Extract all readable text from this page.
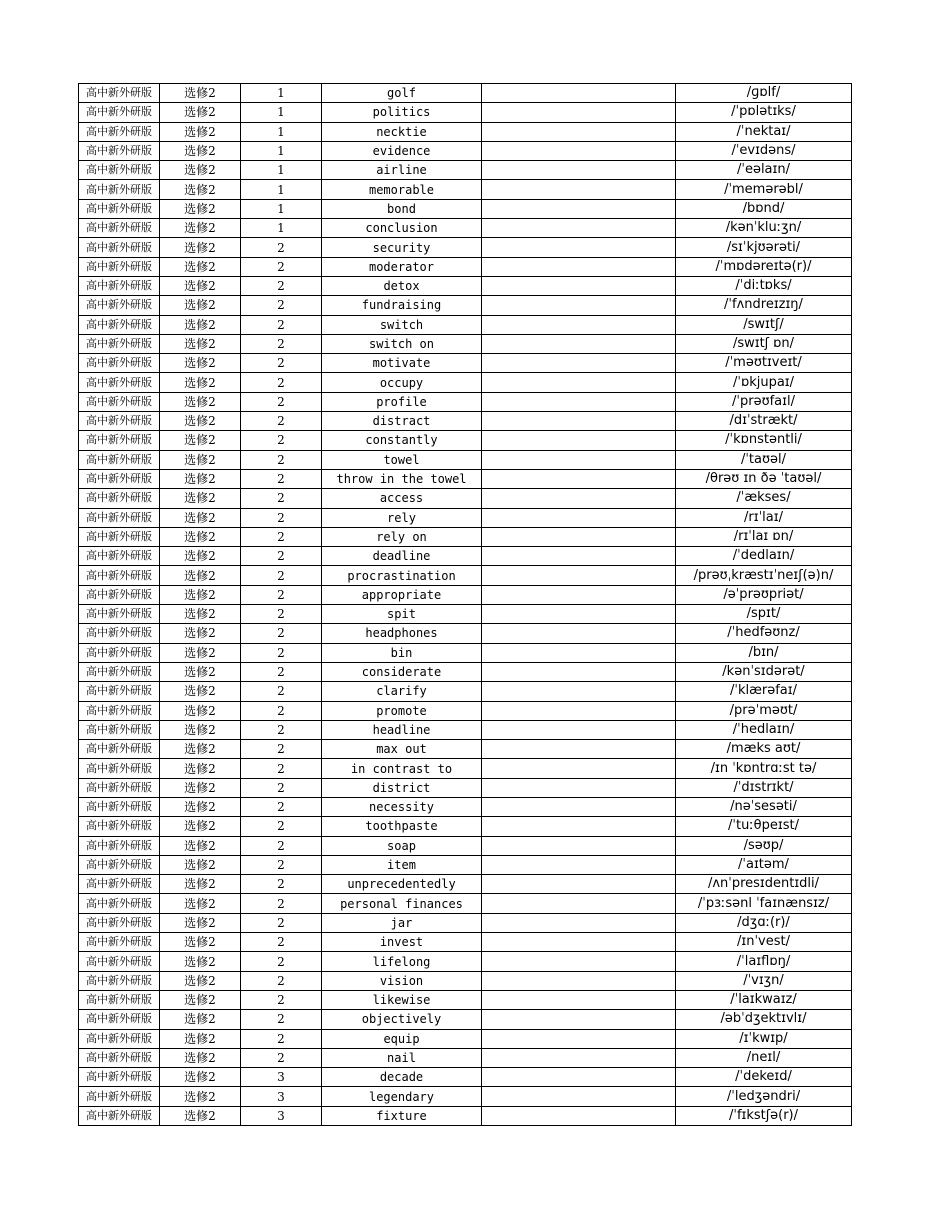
高中新外研版	选修2	1	golf		/ɡɒlf/
高中新外研版	选修2	1	politics		/ˈpɒlətɪks/
高中新外研版	选修2	1	necktie		/ˈnektaɪ/
高中新外研版	选修2	1	evidence		/ˈevɪdəns/
高中新外研版	选修2	1	airline		/ˈeəlaɪn/
高中新外研版	选修2	1	memorable		/ˈmemərəbl/
高中新外研版	选修2	1	bond		/bɒnd/
高中新外研版	选修2	1	conclusion		/kənˈkluːʒn/
高中新外研版	选修2	2	security		/sɪˈkjʊərəti/
高中新外研版	选修2	2	moderator		/ˈmɒdəreɪtə(r)/
高中新外研版	选修2	2	detox		/ˈdiːtɒks/
高中新外研版	选修2	2	fundraising		/ˈfʌndreɪzɪŋ/
高中新外研版	选修2	2	switch		/swɪtʃ/
高中新外研版	选修2	2	switch on		/swɪtʃ ɒn/
高中新外研版	选修2	2	motivate		/ˈməʊtɪveɪt/
高中新外研版	选修2	2	occupy		/ˈɒkjupaɪ/
高中新外研版	选修2	2	profile		/ˈprəʊfaɪl/
高中新外研版	选修2	2	distract		/dɪˈstrækt/
高中新外研版	选修2	2	constantly		/ˈkɒnstəntli/
高中新外研版	选修2	2	towel		/ˈtaʊəl/
高中新外研版	选修2	2	throw in the towel		/θrəʊ ɪn ðə ˈtaʊəl/
高中新外研版	选修2	2	access		/ˈækses/
高中新外研版	选修2	2	rely		/rɪˈlaɪ/
高中新外研版	选修2	2	rely on		/rɪˈlaɪ ɒn/
高中新外研版	选修2	2	deadline		/ˈdedlaɪn/
高中新外研版	选修2	2	procrastination		/prəʊˌkræstɪˈneɪʃ(ə)n/
高中新外研版	选修2	2	appropriate		/əˈprəʊpriət/
高中新外研版	选修2	2	spit		/spɪt/
高中新外研版	选修2	2	headphones		/ˈhedfəʊnz/
高中新外研版	选修2	2	bin		/bɪn/
高中新外研版	选修2	2	considerate		/kənˈsɪdərət/
高中新外研版	选修2	2	clarify		/ˈklærəfaɪ/
高中新外研版	选修2	2	promote		/prəˈməʊt/
高中新外研版	选修2	2	headline		/ˈhedlaɪn/
高中新外研版	选修2	2	max out		/mæks aʊt/
高中新外研版	选修2	2	in contrast to		/ɪn ˈkɒntrɑːst tə/
高中新外研版	选修2	2	district		/ˈdɪstrɪkt/
高中新外研版	选修2	2	necessity		/nəˈsesəti/
高中新外研版	选修2	2	toothpaste		/ˈtuːθpeɪst/
高中新外研版	选修2	2	soap		/səʊp/
高中新外研版	选修2	2	item		/ˈaɪtəm/
高中新外研版	选修2	2	unprecedentedly		/ʌnˈpresɪdentɪdli/
高中新外研版	选修2	2	personal finances		/ˈpɜːsənl ˈfaɪnænsɪz/
高中新外研版	选修2	2	jar		/dʒɑː(r)/
高中新外研版	选修2	2	invest		/ɪnˈvest/
高中新外研版	选修2	2	lifelong		/ˈlaɪflɒŋ/
高中新外研版	选修2	2	vision		/ˈvɪʒn/
高中新外研版	选修2	2	likewise		/ˈlaɪkwaɪz/
高中新外研版	选修2	2	objectively		/əbˈdʒektɪvlɪ/
高中新外研版	选修2	2	equip		/ɪˈkwɪp/
高中新外研版	选修2	2	nail		/neɪl/
高中新外研版	选修2	3	decade		/ˈdekeɪd/
高中新外研版	选修2	3	legendary		/ˈledʒəndri/
高中新外研版	选修2	3	fixture		/ˈfɪkstʃə(r)/
